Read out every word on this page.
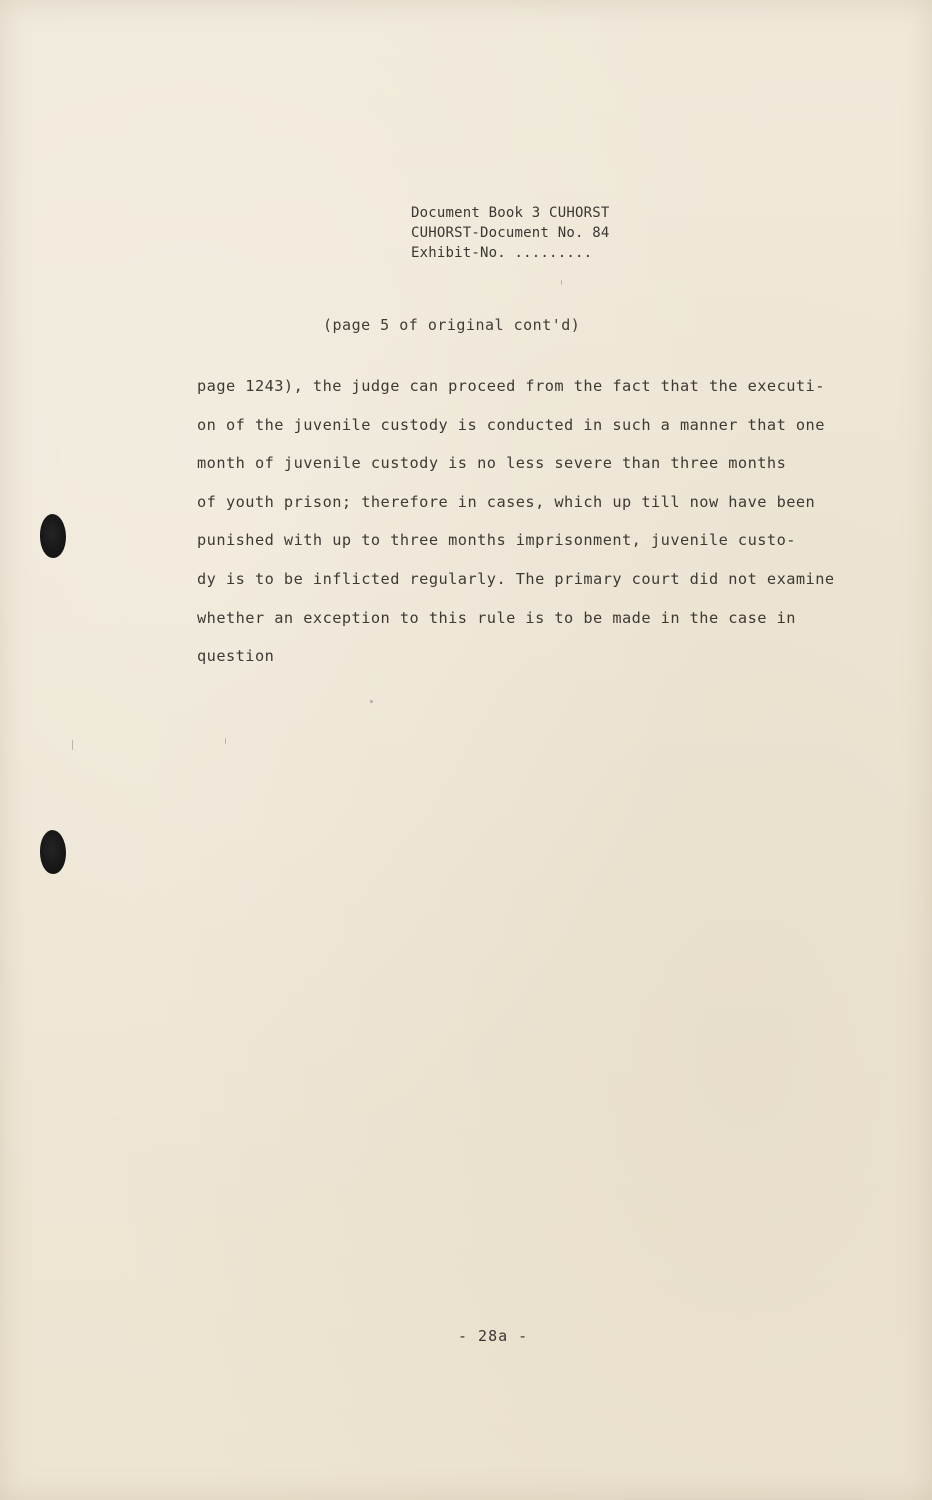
Document Book 3 CUHORST
CUHORST-Document No. 84
Exhibit-No. .........
(page 5 of original cont'd)
page 1243), the judge can proceed from the fact that the executi-
on of the juvenile custody is conducted in such a manner that one
month of juvenile custody is no less severe than three months
of youth prison; therefore in cases, which up till now have been
punished with up to three months imprisonment, juvenile custo-
dy is to be inflicted regularly. The primary court did not examine
whether an exception to this rule is to be made in the case in
question
- 28a -
